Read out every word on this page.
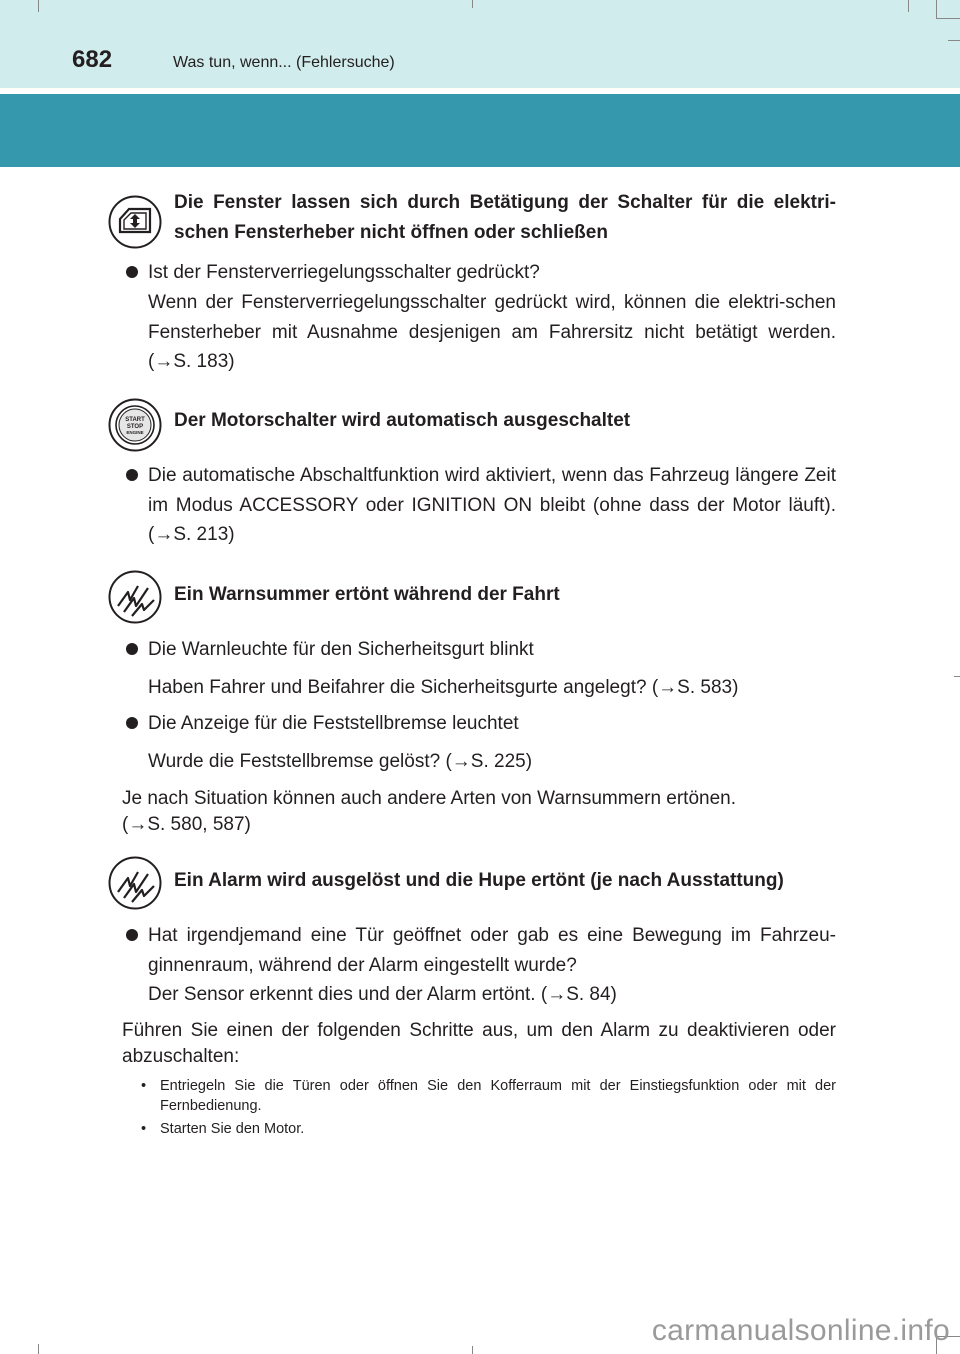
682	Was tun, wenn... (Fehlersuche)
Die Fenster lassen sich durch Betätigung der Schalter für die elektri-
schen Fensterheber nicht öffnen oder schließen
Ist der Fensterverriegelungsschalter gedrückt?
Wenn der Fensterverriegelungsschalter gedrückt wird, können die elektri-schen Fensterheber mit Ausnahme desjenigen am Fahrersitz nicht betätigt werden. (→S. 183)
START
STOP
ENGINE
Der Motorschalter wird automatisch ausgeschaltet
Die automatische Abschaltfunktion wird aktiviert, wenn das Fahrzeug längere Zeit im Modus ACCESSORY oder IGNITION ON bleibt (ohne dass der Motor läuft). (→S. 213)
Ein Warnsummer ertönt während der Fahrt
Die Warnleuchte für den Sicherheitsgurt blinkt
Haben Fahrer und Beifahrer die Sicherheitsgurte angelegt? (→S. 583)
Die Anzeige für die Feststellbremse leuchtet
Wurde die Feststellbremse gelöst? (→S. 225)
Je nach Situation können auch andere Arten von Warnsummern ertönen.
(→S. 580, 587)
Ein Alarm wird ausgelöst und die Hupe ertönt (je nach Ausstattung)
Hat irgendjemand eine Tür geöffnet oder gab es eine Bewegung im Fahrzeu-ginnenraum, während der Alarm eingestellt wurde?
Der Sensor erkennt dies und der Alarm ertönt. (→S. 84)
Führen Sie einen der folgenden Schritte aus, um den Alarm zu deaktivieren oder abzuschalten:
• Entriegeln Sie die Türen oder öffnen Sie den Kofferraum mit der Einstiegsfunktion oder mit der Fernbedienung.
• Starten Sie den Motor.
carmanualsonline.info
